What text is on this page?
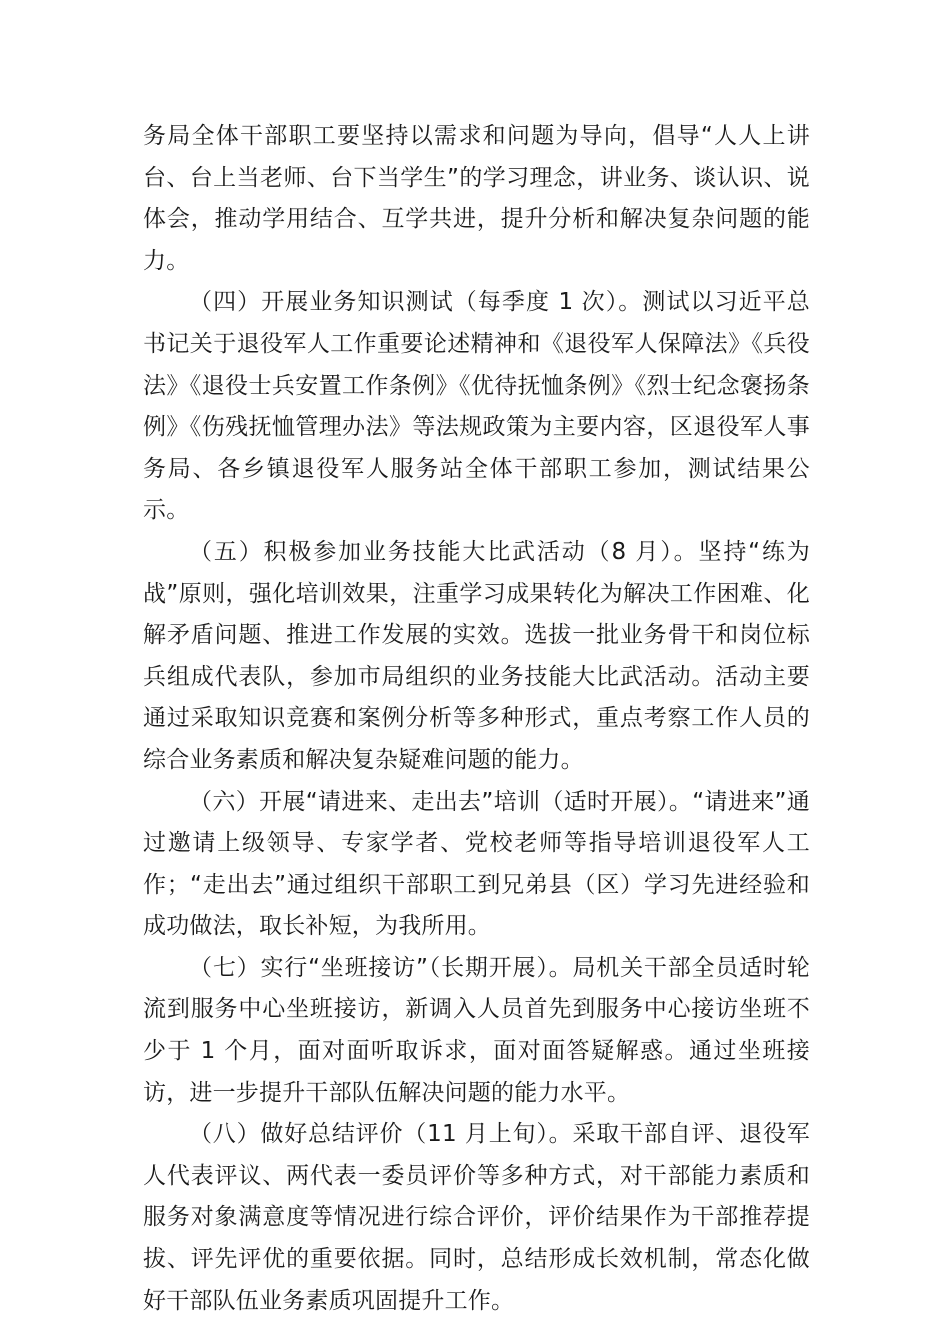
务局全体干部职工要坚持以需求和问题为导向，倡导“人人上讲台、台上当老师、台下当学生”的学习理念，讲业务、谈认识、说体会，推动学用结合、互学共进，提升分析和解决复杂问题的能力。

（四）开展业务知识测试（每季度 1 次）。测试以习近平总书记关于退役军人工作重要论述精神和《退役军人保障法》《兵役法》《退役士兵安置工作条例》《优待抚恤条例》《烈士纪念褒扬条例》《伤残抚恤管理办法》等法规政策为主要内容，区退役军人事务局、各乡镇退役军人服务站全体干部职工参加，测试结果公示。

（五）积极参加业务技能大比武活动（8 月）。坚持“练为战”原则，强化培训效果，注重学习成果转化为解决工作困难、化解矛盾问题、推进工作发展的实效。选拔一批业务骨干和岗位标兵组成代表队，参加市局组织的业务技能大比武活动。活动主要通过采取知识竞赛和案例分析等多种形式，重点考察工作人员的综合业务素质和解决复杂疑难问题的能力。

（六）开展“请进来、走出去”培训（适时开展）。“请进来”通过邀请上级领导、专家学者、党校老师等指导培训退役军人工作；“走出去”通过组织干部职工到兄弟县（区）学习先进经验和成功做法，取长补短，为我所用。

（七）实行“坐班接访”（长期开展）。局机关干部全员适时轮流到服务中心坐班接访，新调入人员首先到服务中心接访坐班不少于 1 个月，面对面听取诉求，面对面答疑解惑。通过坐班接访，进一步提升干部队伍解决问题的能力水平。

（八）做好总结评价（11 月上旬）。采取干部自评、退役军人代表评议、两代表一委员评价等多种方式，对干部能力素质和服务对象满意度等情况进行综合评价，评价结果作为干部推荐提拔、评先评优的重要依据。同时，总结形成长效机制，常态化做好干部队伍业务素质巩固提升工作。
